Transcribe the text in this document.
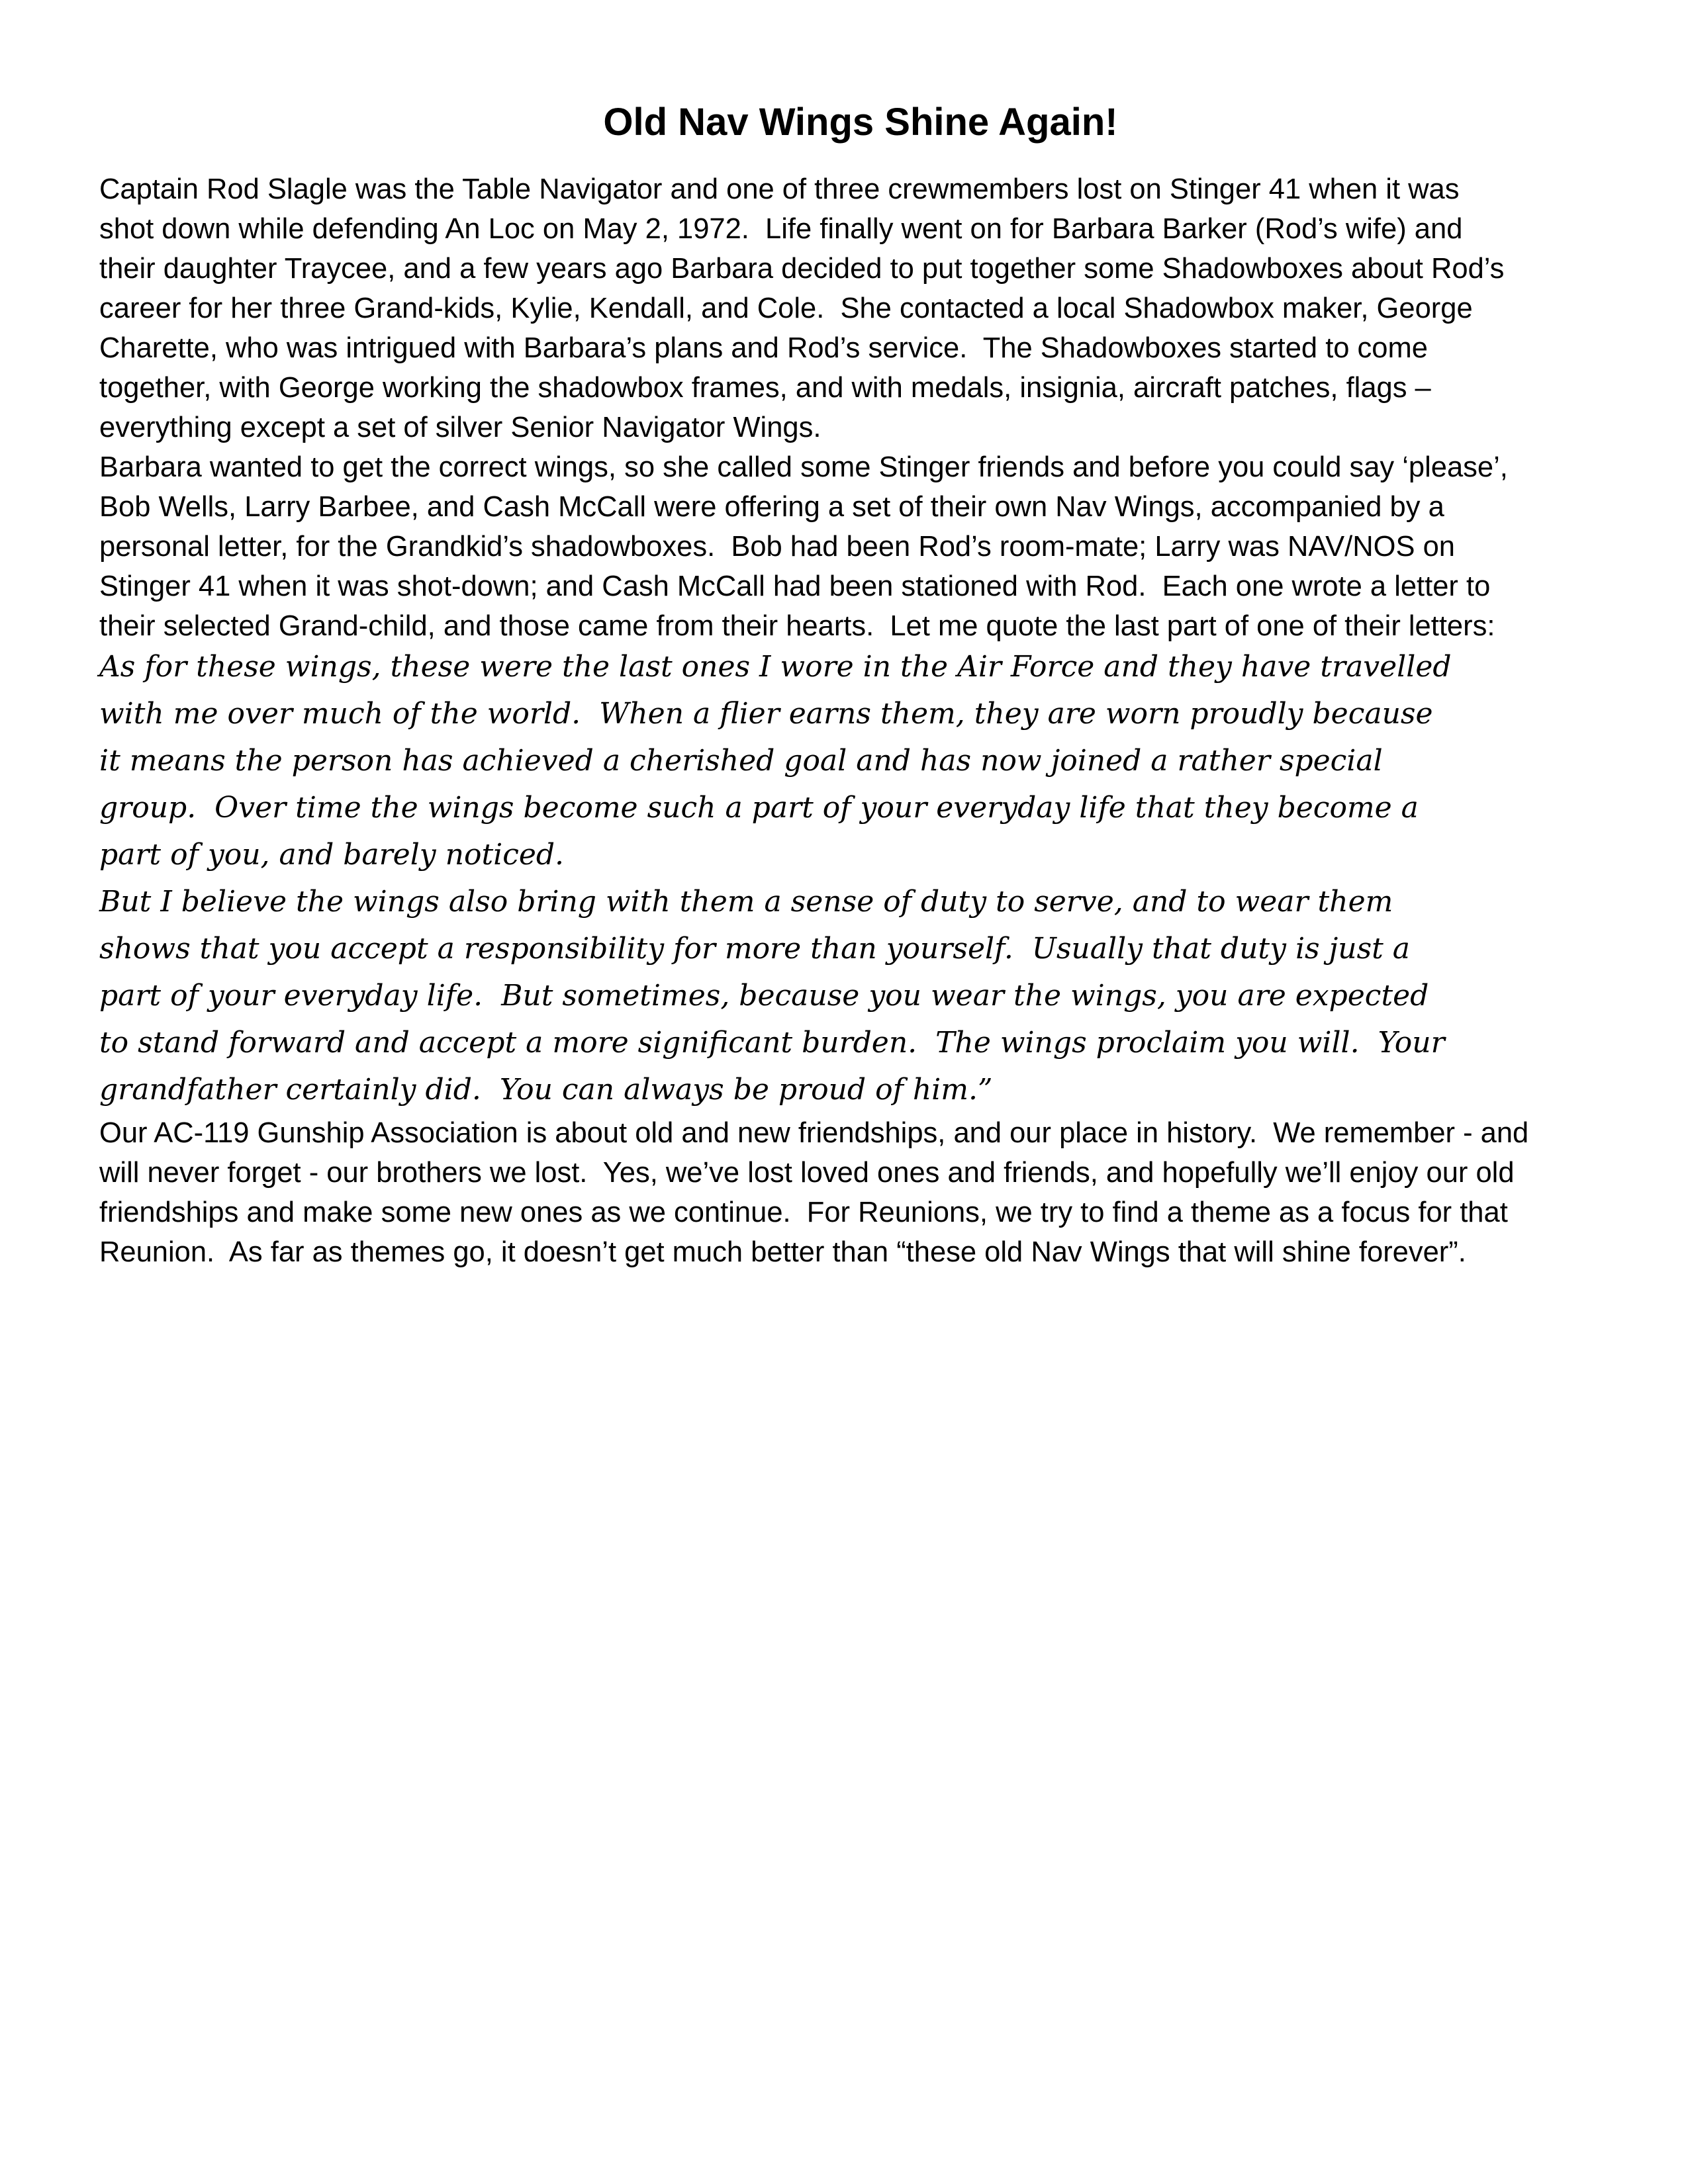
Old Nav Wings Shine Again!

Captain Rod Slagle was the Table Navigator and one of three crewmembers lost on Stinger 41 when it was
shot down while defending An Loc on May 2, 1972.  Life finally went on for Barbara Barker (Rod’s wife) and
their daughter Traycee, and a few years ago Barbara decided to put together some Shadowboxes about Rod’s
career for her three Grand-kids, Kylie, Kendall, and Cole.  She contacted a local Shadowbox maker, George
Charette, who was intrigued with Barbara’s plans and Rod’s service.  The Shadowboxes started to come
together, with George working the shadowbox frames, and with medals, insignia, aircraft patches, flags –
everything except a set of silver Senior Navigator Wings.

Barbara wanted to get the correct wings, so she called some Stinger friends and before you could say ‘please’,
Bob Wells, Larry Barbee, and Cash McCall were offering a set of their own Nav Wings, accompanied by a
personal letter, for the Grandkid’s shadowboxes.  Bob had been Rod’s room-mate; Larry was NAV/NOS on
Stinger 41 when it was shot-down; and Cash McCall had been stationed with Rod.  Each one wrote a letter to
their selected Grand-child, and those came from their hearts.  Let me quote the last part of one of their letters:

As for these wings, these were the last ones I wore in the Air Force and they have travelled
with me over much of the world.  When a flier earns them, they are worn proudly because
it means the person has achieved a cherished goal and has now joined a rather special
group.  Over time the wings become such a part of your everyday life that they become a
part of you, and barely noticed.

But I believe the wings also bring with them a sense of duty to serve, and to wear them
shows that you accept a responsibility for more than yourself.  Usually that duty is just a
part of your everyday life.  But sometimes, because you wear the wings, you are expected
to stand forward and accept a more significant burden.  The wings proclaim you will.  Your
grandfather certainly did.  You can always be proud of him.”

Our AC-119 Gunship Association is about old and new friendships, and our place in history.  We remember - and
will never forget - our brothers we lost.  Yes, we’ve lost loved ones and friends, and hopefully we’ll enjoy our old
friendships and make some new ones as we continue.  For Reunions, we try to find a theme as a focus for that
Reunion.  As far as themes go, it doesn’t get much better than “these old Nav Wings that will shine forever”.
